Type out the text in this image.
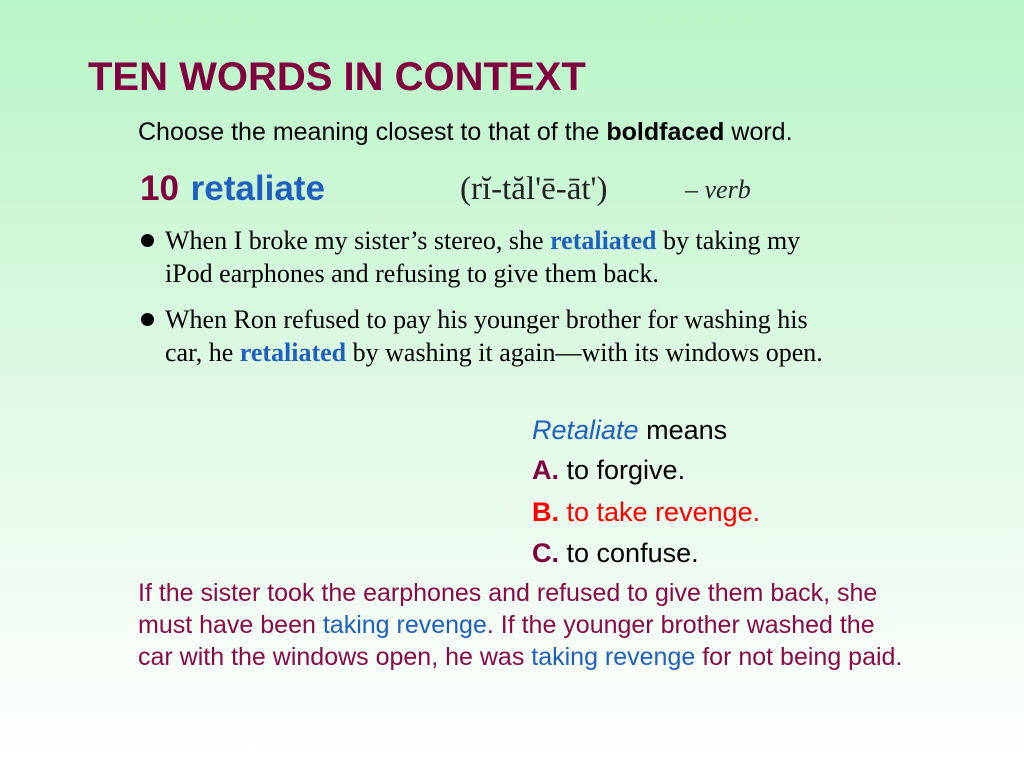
TEN WORDS IN CONTEXT
Choose the meaning closest to that of the boldfaced word.
10 retaliate	(rĭ-tăl'ē-āt')	– verb
When I broke my sister’s stereo, she retaliated by taking my
iPod earphones and refusing to give them back.
When Ron refused to pay his younger brother for washing his
car, he retaliated by washing it again—with its windows open.
Retaliate means
A. to forgive.
B. to take revenge.
C. to confuse.
If the sister took the earphones and refused to give them back, she
must have been taking revenge. If the younger brother washed the
car with the windows open, he was taking revenge for not being paid.
